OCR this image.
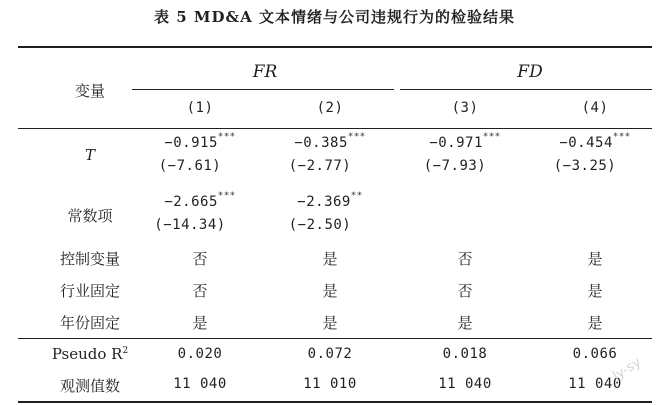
表 5 MD&A 文本情绪与公司违规行为的检验结果
变量
FR	FD
(1)	(2)	(3)	(4)
T
−0.915***	−0.385***	−0.971***	−0.454***
(−7.61)	(−2.77)	(−7.93)	(−3.25)
常数项
−2.665***	−2.369**
(−14.34)	(−2.50)
控制变量	否	是	否	是
行业固定	否	是	否	是
年份固定	是	是	是	是
Pseudo $R^2$	0.020	0.072	0.018	0.066
观测值数	11 040	11 010	11 040	11 040
ly-sy
